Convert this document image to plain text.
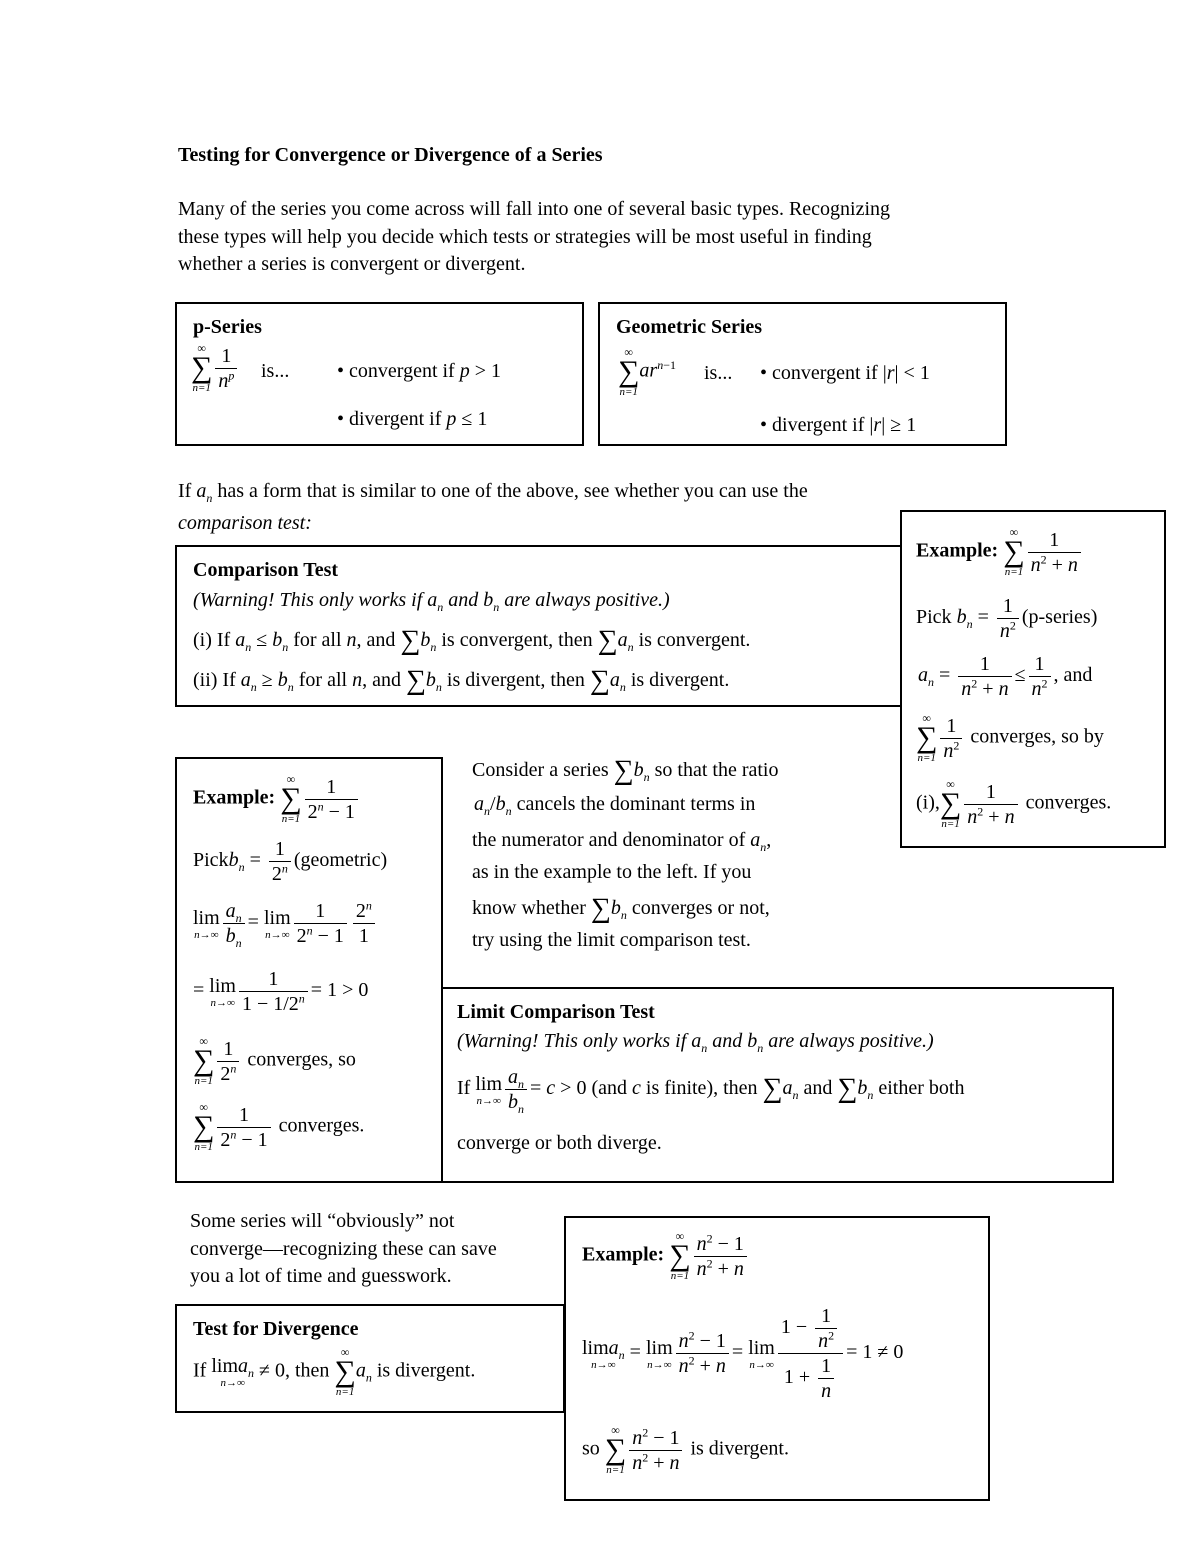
Testing for Convergence or Divergence of a Series
Many of the series you come across will fall into one of several basic types. Recognizing
these types will help you decide which tests or strategies will be most useful in finding
whether a series is convergent or divergent.
p-Series
∞
∑
$n=1 \frac{1}{n^p}$ is... • convergent if p > 1
• divergent if p ≤ 1
Geometric Series
∞
∑
n=1
$ar^{n-1}$ is... • convergent if |r| < 1
• divergent if |r| ≥ 1
If $a_n$ has a form that is similar to one of the above, see whether you can use the
comparison test:
Comparison Test
(Warning! This only works if $a_n$ and $b_n$ are always positive.)
(i) If $a_n \le b_n$ for all n, and $\sum b_n$ is convergent, then $\sum a_n$ is convergent.
(ii) If $a_n \ge b_n$ for all n, and $\sum b_n$ is divergent, then $\sum a_n$ is divergent.
Example:
∞
∑
$n=1 \frac{1}{n^2 + n}$
Pick $b_n = \frac{1}{n^2}$ (p-series)
$a_n = \frac{1}{n^2 + n} \le \frac{1}{n^2}$ , and
∞
∑
$n=1 \frac{1}{n^2}$ converges, so by
(i),
∞
∑
$n=1 \frac{1}{n^2 + n}$ converges.
Example:
∞
∑
$n=1 \frac{1}{2^n - 1}$
Pickb$_n$ = $\frac{1}{2^n}$ (geometric)
lim
$n\to\infty \frac{a_n}{b_n} = \lim$
$n\to\infty \frac{1}{2^n - 1} \frac{2^n}{1}$
= lim
$n\to\infty \frac{1}{1 - 1/2^n} = 1 > 0$
∞
∑
$n=1 \frac{1}{2^n}$ converges, so
∞
∑
$n=1 \frac{1}{2^n - 1}$ converges.
Consider a series $\sum b_n$ so that the ratio
$a_n/b_n$ cancels the dominant terms in
the numerator and denominator of $a_n$,
as in the example to the left. If you
know whether $\sum b_n$ converges or not,
try using the limit comparison test.
Limit Comparison Test
(Warning! This only works if $a_n$ and $b_n$ are always positive.)
If lim
$n\to\infty \frac{a_n}{b_n} = c > 0$ (and c is finite), then $\sum a_n$ and $\sum b_n$ either both
converge or both diverge.
Some series will “obviously” not
converge—recognizing these can save
you a lot of time and guesswork.
Test for Divergence
If lima$_n$
n→∞
≠ 0, then
∞
∑
n=1
$a_n$ is divergent.
Example:
∞
∑
$n=1 \frac{n^2 - 1}{n^2 + n}$
lima$_n$
n→∞
= lim
$n\to\infty \frac{n^2 - 1}{n^2 + n} = \lim$
$n\to\infty \frac{1 - \frac{1}{n^2}}{1 + \frac{1}{n}} = 1 \ne 0$
so
∞
∑
$n=1 \frac{n^2 - 1}{n^2 + n}$ is divergent.
